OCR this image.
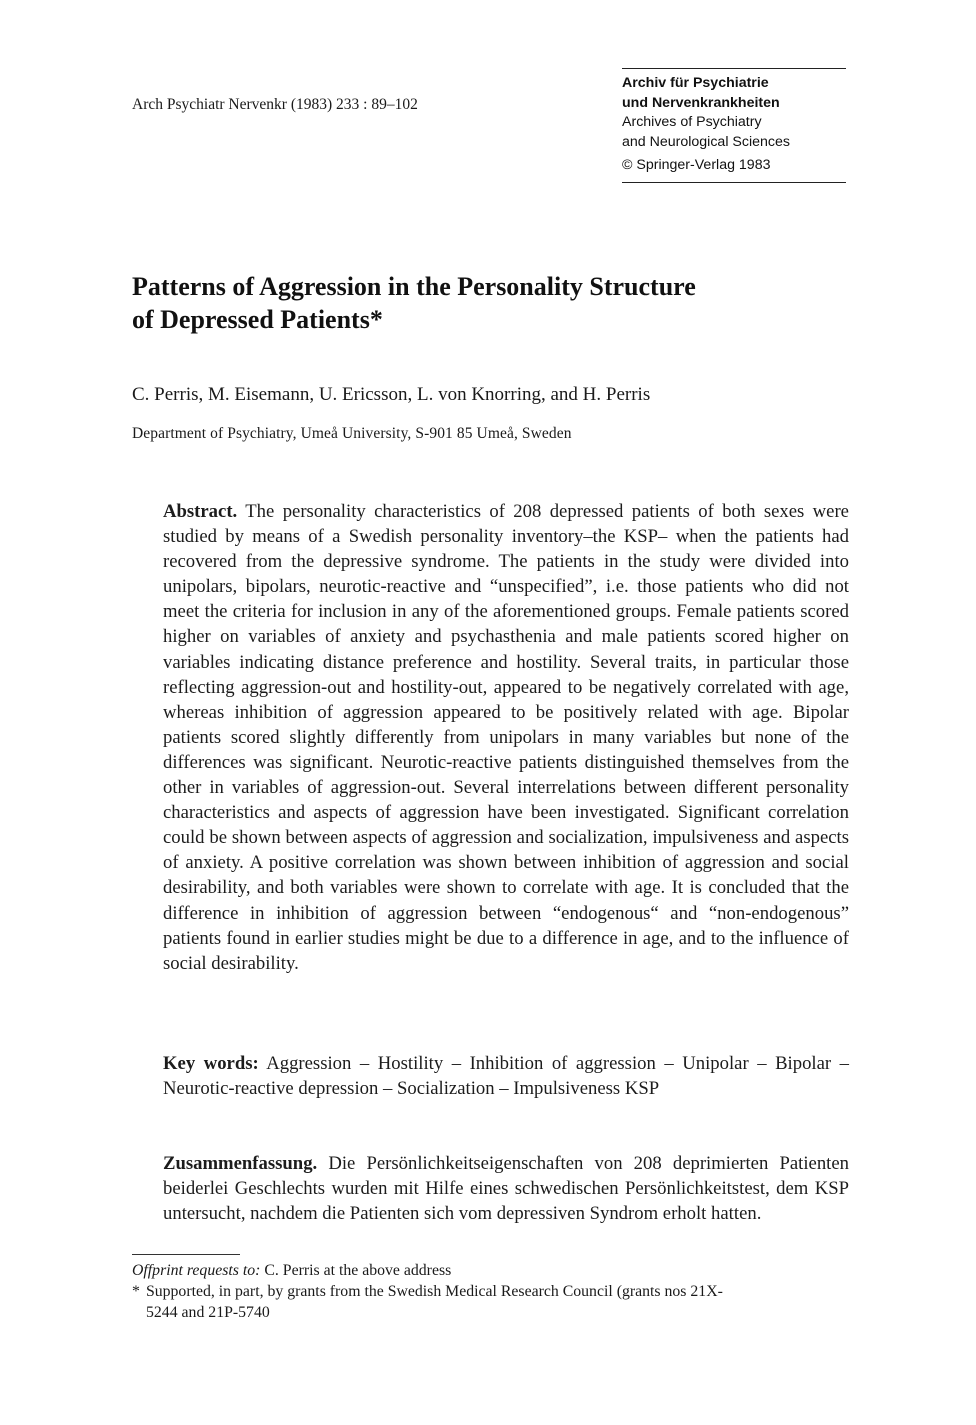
Arch Psychiatr Nervenkr (1983) 233 : 89–102
Archiv für Psychiatrie
und Nervenkrankheiten
Archives of Psychiatry
and Neurological Sciences
© Springer-Verlag 1983
Patterns of Aggression in the Personality Structure
of Depressed Patients*
C. Perris, M. Eisemann, U. Ericsson, L. von Knorring, and H. Perris
Department of Psychiatry, Umeå University, S-901 85 Umeå, Sweden
Abstract. The personality characteristics of 208 depressed patients of both sexes were studied by means of a Swedish personality inventory–the KSP– when the patients had recovered from the depressive syndrome. The patients in the study were divided into unipolars, bipolars, neurotic-reactive and “unspecified”, i.e. those patients who did not meet the criteria for inclusion in any of the aforementioned groups. Female patients scored higher on variables of anxiety and psychasthenia and male patients scored higher on variables indicating distance preference and hostility. Several traits, in particular those reflecting aggression-out and hostility-out, appeared to be negatively correlated with age, whereas inhibition of aggression appeared to be positively related with age. Bipolar patients scored slightly differently from unipolars in many variables but none of the differences was significant. Neurotic-reactive patients distinguished themselves from the other in variables of aggression-out. Several interrelations between different personality characteristics and aspects of aggression have been investigated. Significant correlation could be shown between aspects of aggression and socialization, impulsiveness and aspects of anxiety. A positive correlation was shown between inhibition of aggression and social desirability, and both variables were shown to correlate with age. It is concluded that the difference in inhibition of aggression between “endogenous“ and “non-endogenous” patients found in earlier studies might be due to a difference in age, and to the influence of social desirability.
Key words: Aggression – Hostility – Inhibition of aggression – Unipolar – Bipolar – Neurotic-reactive depression – Socialization – Impulsiveness KSP
Zusammenfassung. Die Persönlichkeitseigenschaften von 208 deprimierten Patienten beiderlei Geschlechts wurden mit Hilfe eines schwedischen Persönlichkeitstest, dem KSP untersucht, nachdem die Patienten sich vom depressiven Syndrom erholt hatten.
Offprint requests to: C. Perris at the above address
* Supported, in part, by grants from the Swedish Medical Research Council (grants nos 21X-
5244 and 21P-5740
